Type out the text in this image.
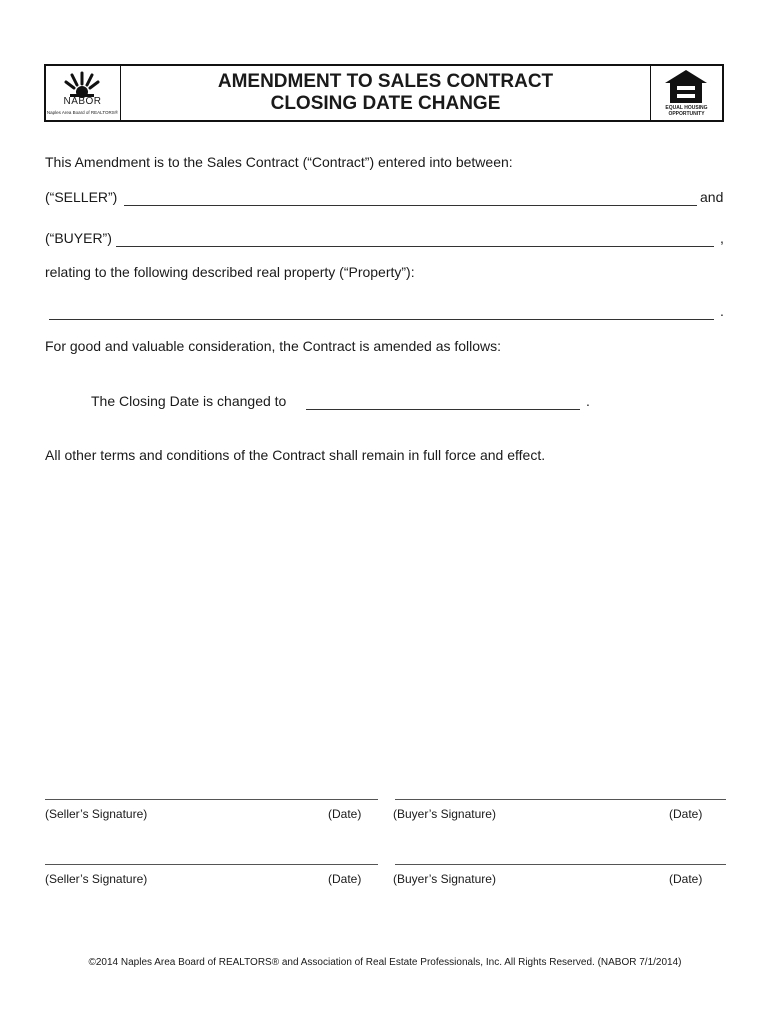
NABOR
Naples Area Board of REALTORS®
AMENDMENT TO SALES CONTRACT
CLOSING DATE CHANGE	EQUAL HOUSING
OPPORTUNITY
This Amendment is to the Sales Contract (“Contract”) entered into between:
(“SELLER”)	and
(“BUYER”)	,
relating to the following described real property (“Property”):
.
For good and valuable consideration, the Contract is amended as follows:
The Closing Date is changed to	.
All other terms and conditions of the Contract shall remain in full force and effect.
(Seller’s Signature)	(Date)	(Buyer’s Signature)	(Date)
(Seller’s Signature)	(Date)	(Buyer’s Signature)	(Date)
©2014 Naples Area Board of REALTORS® and Association of Real Estate Professionals, Inc. All Rights Reserved. (NABOR 7/1/2014)
